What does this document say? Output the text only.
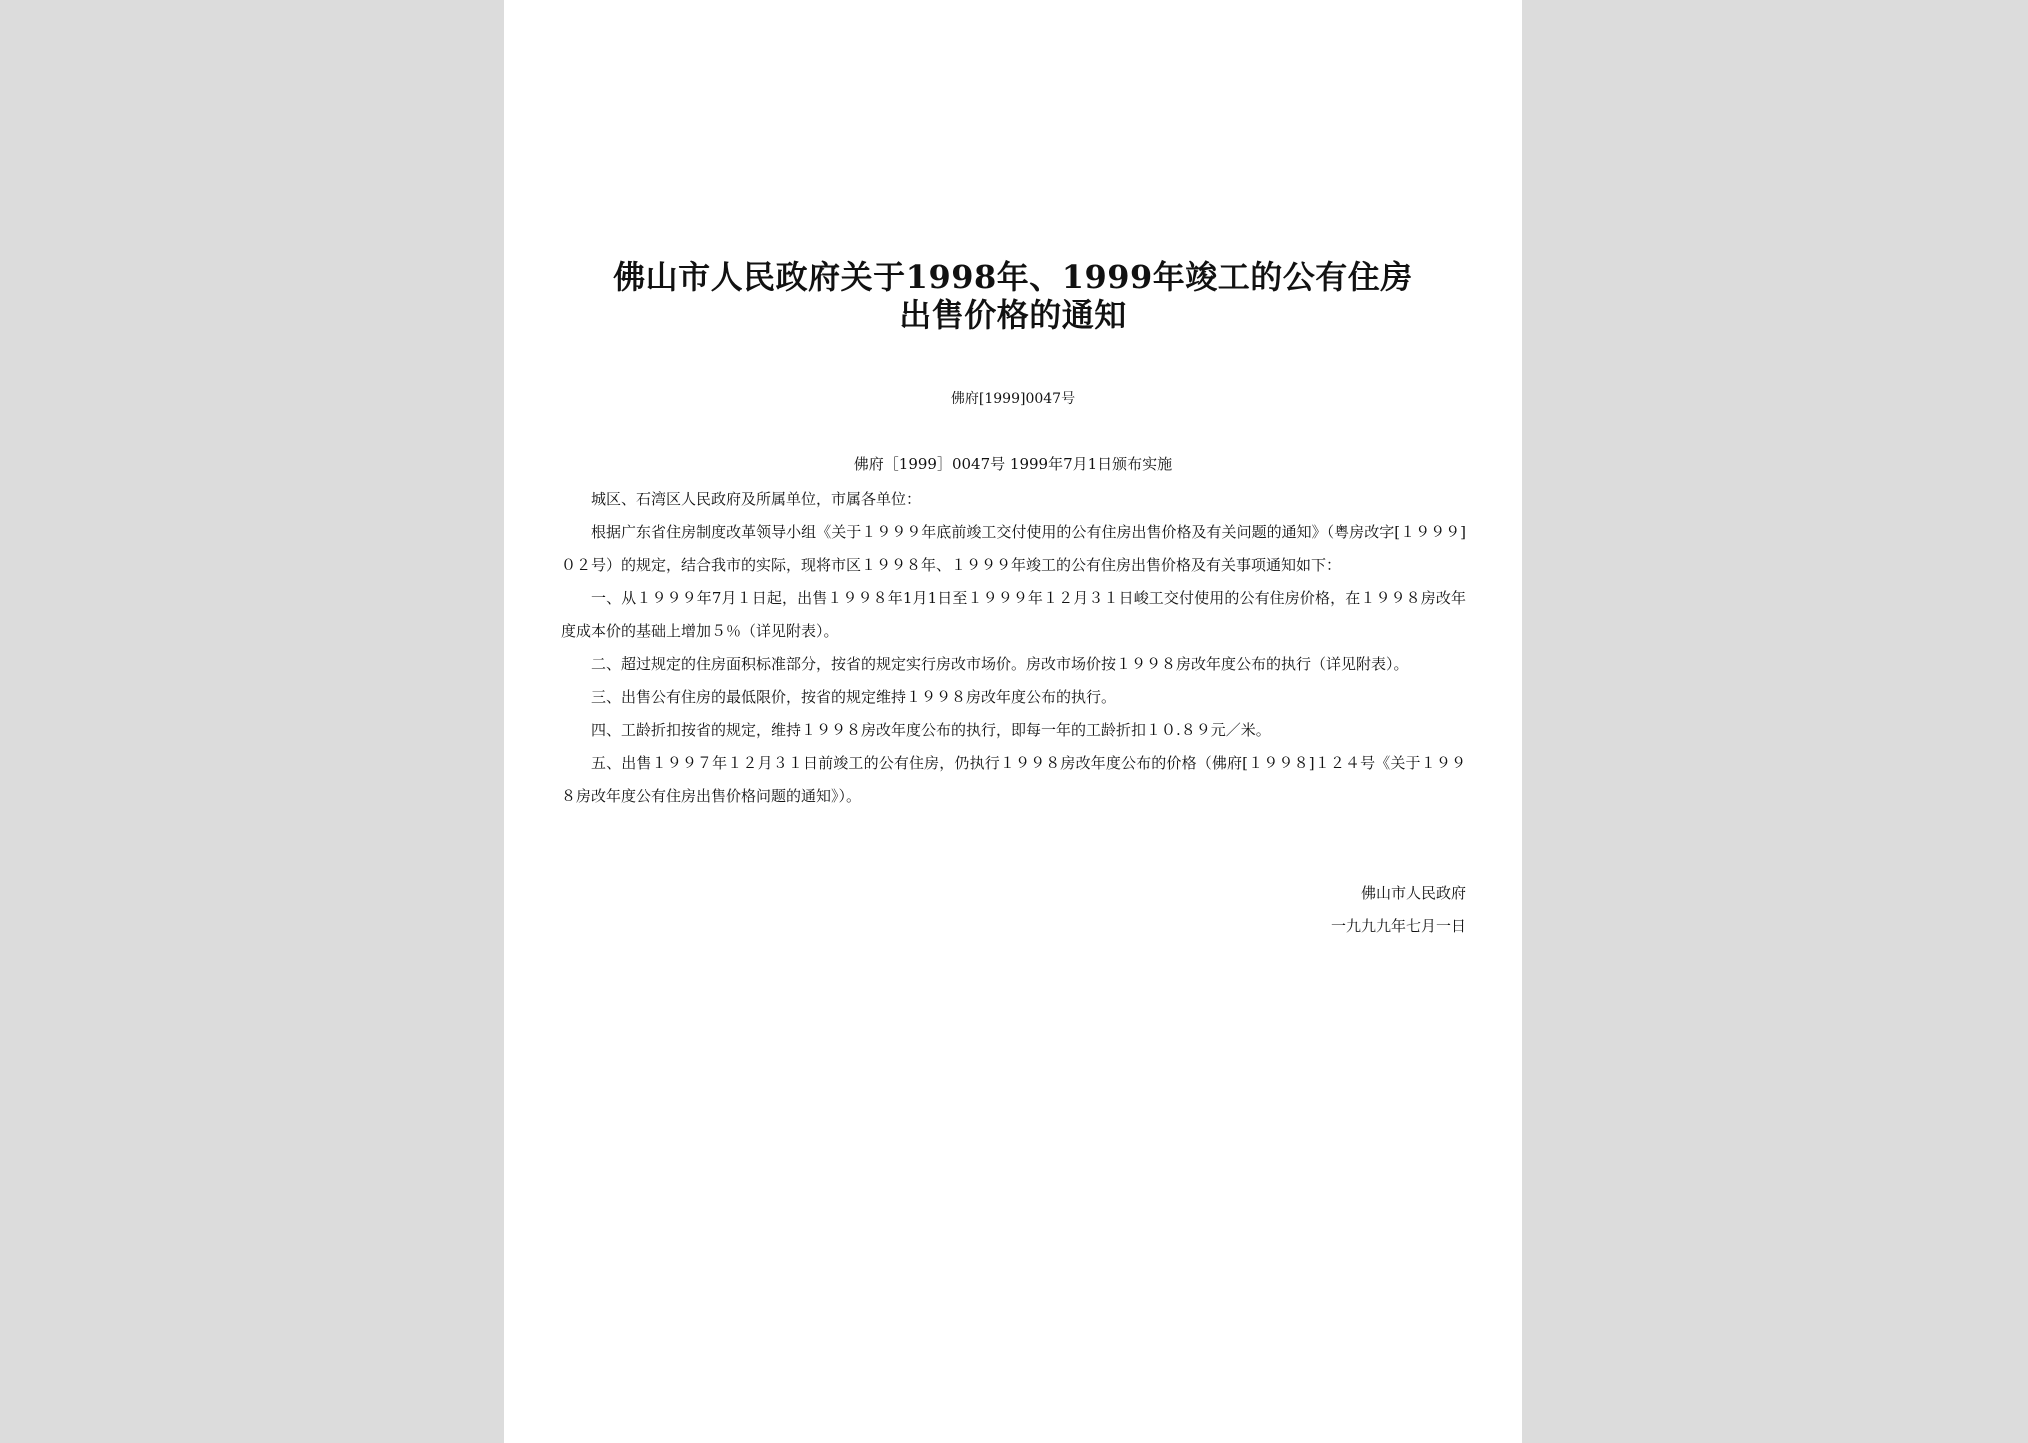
佛山市人民政府关于1998年、1999年竣工的公有住房
出售价格的通知
佛府[1999]0047号
佛府［1999］0047号 1999年7月1日颁布实施

城区、石湾区人民政府及所属单位，市属各单位：

根据广东省住房制度改革领导小组《关于１９９９年底前竣工交付使用的公有住房出售价格及有关问题的通知》（粤房改字[１９９９]０２号）的规定，结合我市的实际，现将市区１９９８年、１９９９年竣工的公有住房出售价格及有关事项通知如下：

一、从１９９９年7月１日起，出售１９９８年1月1日至１９９９年１２月３１日峻工交付使用的公有住房价格，在１９９８房改年度成本价的基础上增加５％（详见附表）。

二、超过规定的住房面积标准部分，按省的规定实行房改市场价。房改市场价按１９９８房改年度公布的执行（详见附表）。

三、出售公有住房的最低限价，按省的规定维持１９９８房改年度公布的执行。

四、工龄折扣按省的规定，维持１９９８房改年度公布的执行，即每一年的工龄折扣１０.８９元／米。

五、出售１９９７年１２月３１日前竣工的公有住房，仍执行１９９８房改年度公布的价格（佛府[１９９８]１２４号《关于１９９８房改年度公有住房出售价格问题的通知》）。

佛山市人民政府
一九九九年七月一日
